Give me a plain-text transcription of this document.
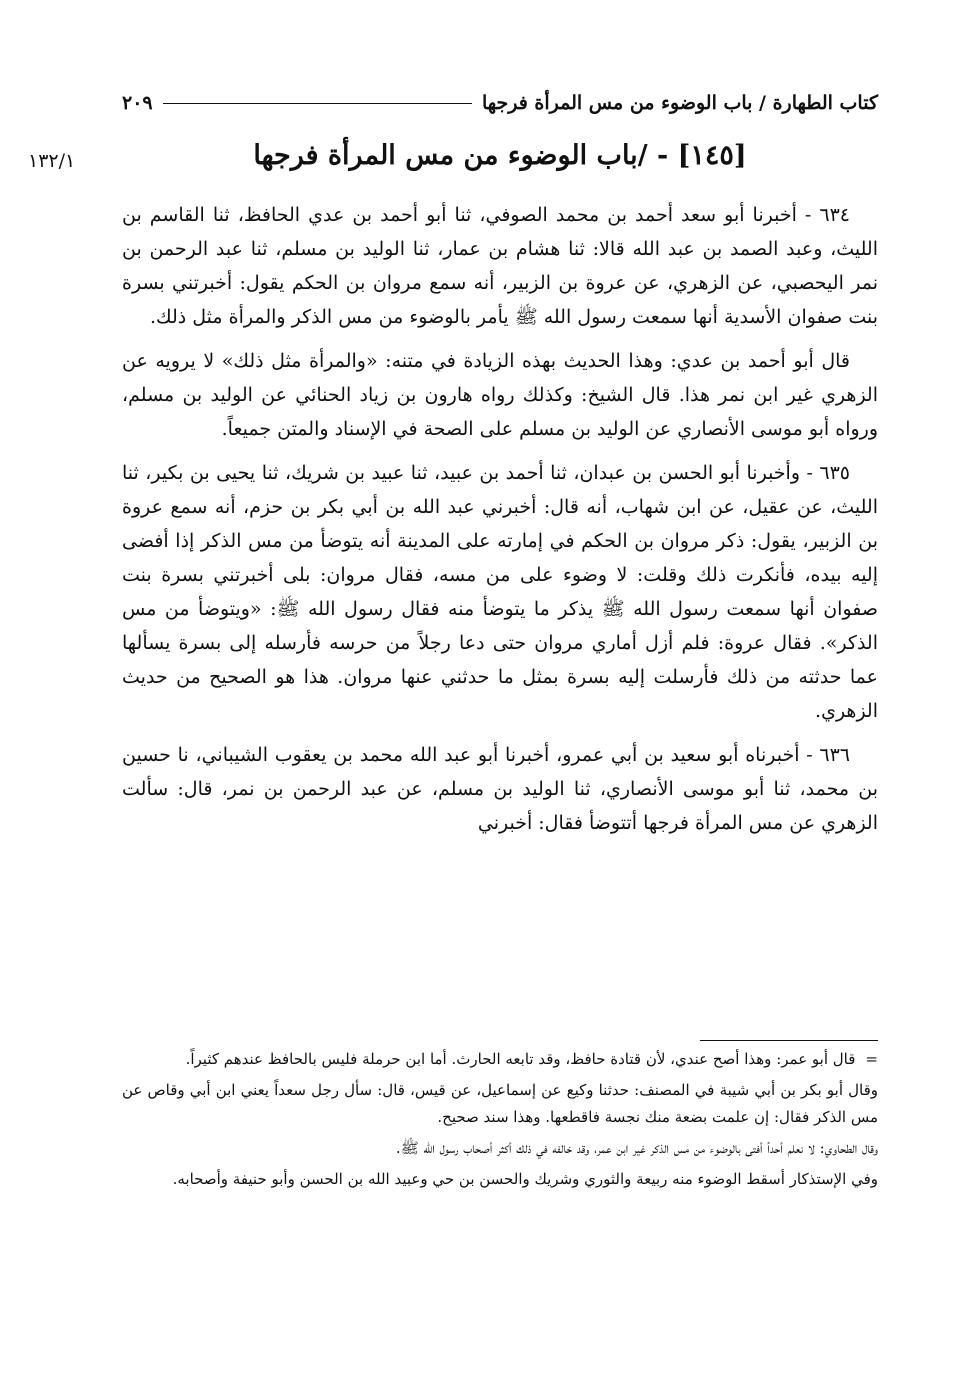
كتاب الطهارة / باب الوضوء من مس المرأة فرجها
٢٠٩
١٣٢/١	[١٤٥] - /باب الوضوء من مس المرأة فرجها

٦٣٤ - أخبرنا أبو سعد أحمد بن محمد الصوفي، ثنا أبو أحمد بن عدي الحافظ، ثنا القاسم بن الليث، وعبد الصمد بن عبد الله قالا: ثنا هشام بن عمار، ثنا الوليد بن مسلم، ثنا عبد الرحمن بن نمر اليحصبي، عن الزهري، عن عروة بن الزبير، أنه سمع مروان بن الحكم يقول: أخبرتني بسرة بنت صفوان الأسدية أنها سمعت رسول الله ﷺ يأمر بالوضوء من مس الذكر والمرأة مثل ذلك.

قال أبو أحمد بن عدي: وهذا الحديث بهذه الزيادة في متنه: «والمرأة مثل ذلك» لا يرويه عن الزهري غير ابن نمر هذا. قال الشيخ: وكذلك رواه هارون بن زياد الحنائي عن الوليد بن مسلم، ورواه أبو موسى الأنصاري عن الوليد بن مسلم على الصحة في الإسناد والمتن جميعاً.

٦٣٥ - وأخبرنا أبو الحسن بن عبدان، ثنا أحمد بن عبيد، ثنا عبيد بن شريك، ثنا يحيى بن بكير، ثنا الليث، عن عقيل، عن ابن شهاب، أنه قال: أخبرني عبد الله بن أبي بكر بن حزم، أنه سمع عروة بن الزبير، يقول: ذكر مروان بن الحكم في إمارته على المدينة أنه يتوضأ من مس الذكر إذا أفضى إليه بيده، فأنكرت ذلك وقلت: لا وضوء على من مسه، فقال مروان: بلى أخبرتني بسرة بنت صفوان أنها سمعت رسول الله ﷺ يذكر ما يتوضأ منه فقال رسول الله ﷺ: «ويتوضأ من مس الذكر». فقال عروة: فلم أزل أماري مروان حتى دعا رجلاً من حرسه فأرسله إلى بسرة يسألها عما حدثته من ذلك فأرسلت إليه بسرة بمثل ما حدثني عنها مروان. هذا هو الصحيح من حديث الزهري.

٦٣٦ - أخبرناه أبو سعيد بن أبي عمرو، أخبرنا أبو عبد الله محمد بن يعقوب الشيباني، نا حسين بن محمد، ثنا أبو موسى الأنصاري، ثنا الوليد بن مسلم، عن عبد الرحمن بن نمر، قال: سألت الزهري عن مس المرأة فرجها أتتوضأ فقال: أخبرني

=قال أبو عمر: وهذا أصح عندي، لأن قتادة حافظ، وقد تابعه الحارث. أما ابن حرملة فليس بالحافظ عندهم كثيراً.

وقال أبو بكر بن أبي شيبة في المصنف: حدثنا وكيع عن إسماعيل، عن قيس، قال: سأل رجل سعداً يعني ابن أبي وقاص عن مس الذكر فقال: إن علمت بضعة منك نجسة فاقطعها. وهذا سند صحيح.

وقال الطحاوي: لا نعلم أحداً أفتى بالوضوء من مس الذكر غير ابن عمر، وقد خالفه في ذلك أكثر أصحاب رسول الله ﷺ.

وفي الإستذكار أسقط الوضوء منه ربيعة والثوري وشريك والحسن بن حي وعبيد الله بن الحسن وأبو حنيفة وأصحابه.
